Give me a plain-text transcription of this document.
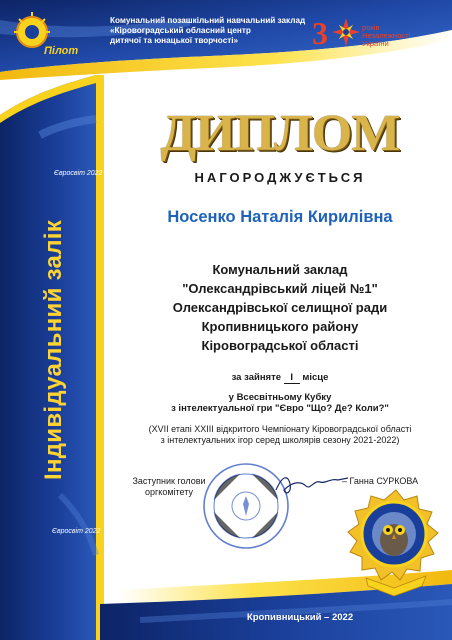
Пілот
Комунальний позашкільний навчальний заклад
«Кіровоградський обласний центр
дитячої та юнацької творчості»	3	років
Незалежності
України
Євросвіт 2022
Євросвіт 2022
Індивідуальний залік
ДИПЛОМ
НАГОРОДЖУЄТЬСЯ
Носенко Наталія Кирилівна
Комунальний заклад
"Олександрівський ліцей №1"
Олександрівської селищної ради
Кропивницького району
Кіровоградської області
за зайняте І місце
у Всесвітньому Кубку
з інтелектуальної гри "Євро "Що? Де? Коли?"
(XVII етапі XXIII відкритого Чемпіонату Кіровоградської області
з інтелектуальних ігор серед школярів сезону 2021-2022)
Заступник голови
оргкомітету
– Ганна СУРКОВА
Кропивницький – 2022
